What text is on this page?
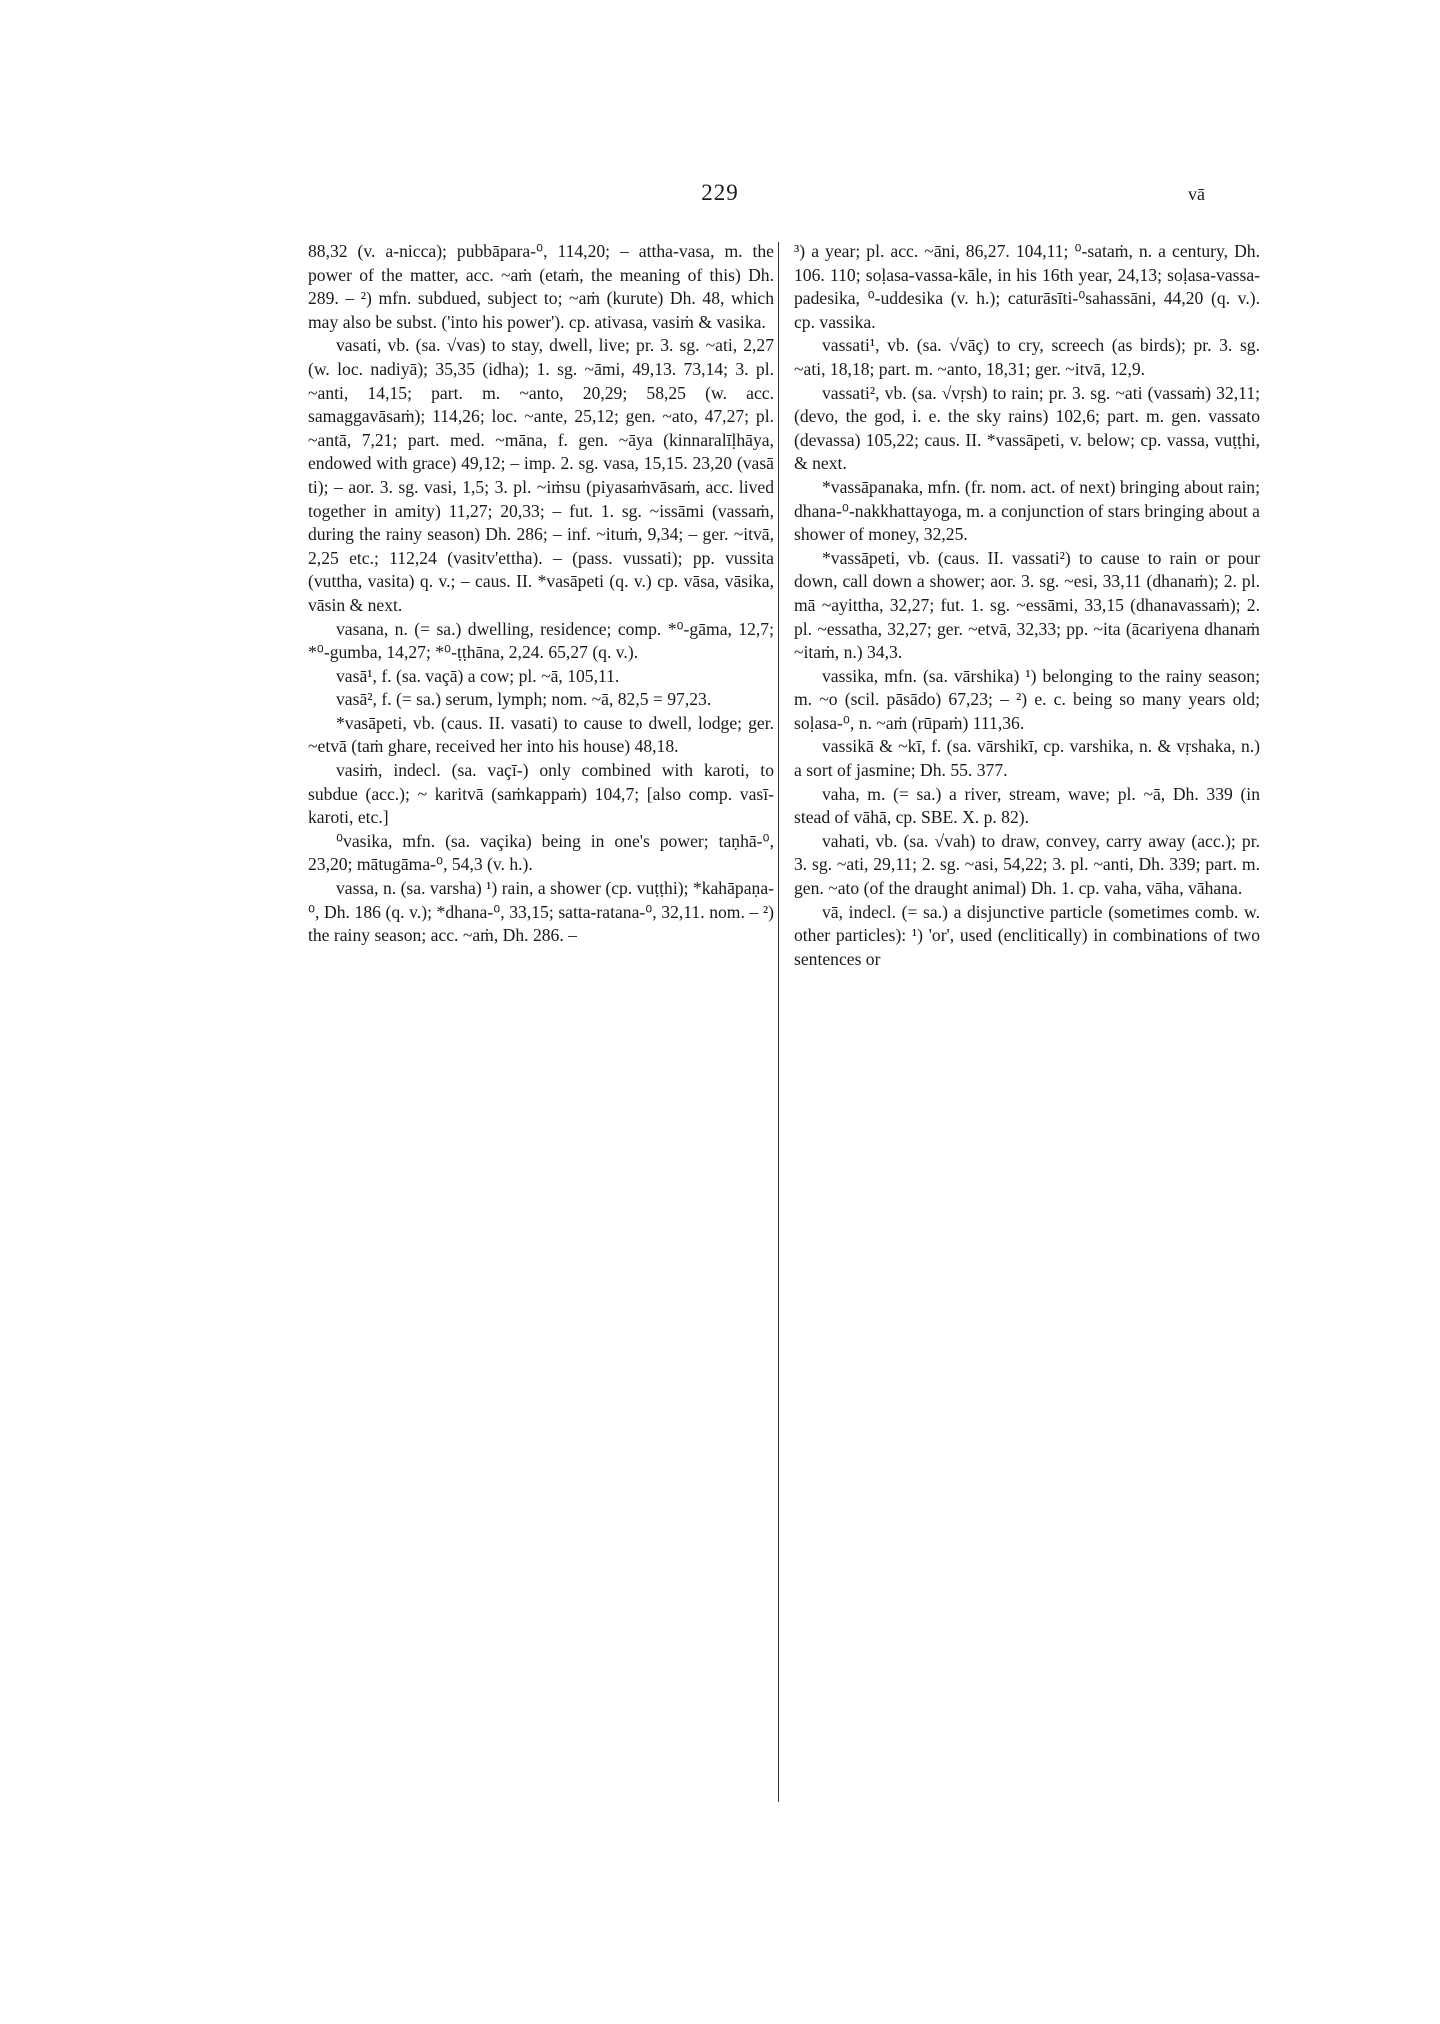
229	vā

88,32 (v. a-nicca); pubbāpara-⁰, 114,20; – attha-vasa, m. the power of the matter, acc. ~aṁ (etaṁ, the meaning of this) Dh. 289. – ²) mfn. subdued, subject to; ~aṁ (kurute) Dh. 48, which may also be subst. ('into his power'). cp. ativasa, vasiṁ & vasika.

vasati, vb. (sa. √vas) to stay, dwell, live; pr. 3. sg. ~ati, 2,27 (w. loc. nadiyā); 35,35 (idha); 1. sg. ~āmi, 49,13. 73,14; 3. pl. ~anti, 14,15; part. m. ~anto, 20,29; 58,25 (w. acc. samaggavāsaṁ); 114,26; loc. ~ante, 25,12; gen. ~ato, 47,27; pl. ~antā, 7,21; part. med. ~māna, f. gen. ~āya (kinnaralīḷhāya, endowed with grace) 49,12; – imp. 2. sg. vasa, 15,15. 23,20 (vasā ti); – aor. 3. sg. vasi, 1,5; 3. pl. ~iṁsu (piyasaṁvāsaṁ, acc. lived together in amity) 11,27; 20,33; – fut. 1. sg. ~issāmi (vassaṁ, during the rainy season) Dh. 286; – inf. ~ituṁ, 9,34; – ger. ~itvā, 2,25 etc.; 112,24 (vasitv'ettha). – (pass. vussati); pp. vussita (vuttha, vasita) q. v.; – caus. II. *vasāpeti (q. v.) cp. vāsa, vāsika, vāsin & next.

vasana, n. (= sa.) dwelling, residence; comp. *⁰-gāma, 12,7; *⁰-gumba, 14,27; *⁰-ṭṭhāna, 2,24. 65,27 (q. v.).

vasā¹, f. (sa. vaçā) a cow; pl. ~ā, 105,11.

vasā², f. (= sa.) serum, lymph; nom. ~ā, 82,5 = 97,23.

*vasāpeti, vb. (caus. II. vasati) to cause to dwell, lodge; ger. ~etvā (taṁ ghare, received her into his house) 48,18.

vasiṁ, indecl. (sa. vaçī-) only combined with karoti, to subdue (acc.); ~ karitvā (saṁkappaṁ) 104,7; [also comp. vasī-karoti, etc.]

⁰vasika, mfn. (sa. vaçika) being in one's power; taṇhā-⁰, 23,20; mātugāma-⁰, 54,3 (v. h.).

vassa, n. (sa. varsha) ¹) rain, a shower (cp. vuṭṭhi); *kahāpaṇa-⁰, Dh. 186 (q. v.); *dhana-⁰, 33,15; satta-ratana-⁰, 32,11. nom. – ²) the rainy season; acc. ~aṁ, Dh. 286. –

³) a year; pl. acc. ~āni, 86,27. 104,11; ⁰-sataṁ, n. a century, Dh. 106. 110; soḷasa-vassa-kāle, in his 16th year, 24,13; soḷasa-vassa-padesika, ⁰-uddesika (v. h.); caturāsīti-⁰sahassāni, 44,20 (q. v.). cp. vassika.

vassati¹, vb. (sa. √vāç) to cry, screech (as birds); pr. 3. sg. ~ati, 18,18; part. m. ~anto, 18,31; ger. ~itvā, 12,9.

vassati², vb. (sa. √vṛsh) to rain; pr. 3. sg. ~ati (vassaṁ) 32,11; (devo, the god, i. e. the sky rains) 102,6; part. m. gen. vassato (devassa) 105,22; caus. II. *vassāpeti, v. below; cp. vassa, vuṭṭhi, & next.

*vassāpanaka, mfn. (fr. nom. act. of next) bringing about rain; dhana-⁰-nakkhattayoga, m. a conjunction of stars bringing about a shower of money, 32,25.

*vassāpeti, vb. (caus. II. vassati²) to cause to rain or pour down, call down a shower; aor. 3. sg. ~esi, 33,11 (dhanaṁ); 2. pl. mā ~ayittha, 32,27; fut. 1. sg. ~essāmi, 33,15 (dhanavassaṁ); 2. pl. ~essatha, 32,27; ger. ~etvā, 32,33; pp. ~ita (ācariyena dhanaṁ ~itaṁ, n.) 34,3.

vassika, mfn. (sa. vārshika) ¹) belonging to the rainy season; m. ~o (scil. pāsādo) 67,23; – ²) e. c. being so many years old; soḷasa-⁰, n. ~aṁ (rūpaṁ) 111,36.

vassikā & ~kī, f. (sa. vārshikī, cp. varshika, n. & vṛshaka, n.) a sort of jasmine; Dh. 55. 377.

vaha, m. (= sa.) a river, stream, wave; pl. ~ā, Dh. 339 (in stead of vāhā, cp. SBE. X. p. 82).

vahati, vb. (sa. √vah) to draw, convey, carry away (acc.); pr. 3. sg. ~ati, 29,11; 2. sg. ~asi, 54,22; 3. pl. ~anti, Dh. 339; part. m. gen. ~ato (of the draught animal) Dh. 1. cp. vaha, vāha, vāhana.

vā, indecl. (= sa.) a disjunctive particle (sometimes comb. w. other particles): ¹) 'or', used (enclitically) in combinations of two sentences or
